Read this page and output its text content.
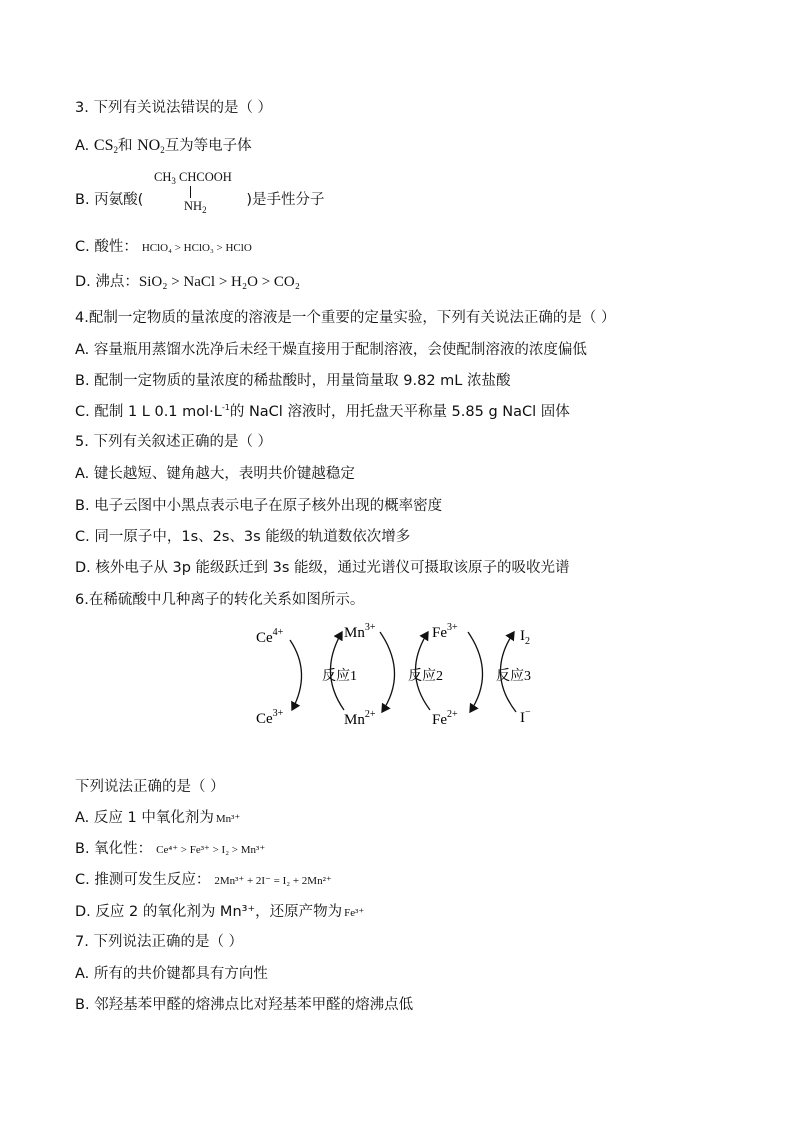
3. 下列有关说法错误的是（ ）
A. $CS_2$和 $NO_2$互为等电子体
B. 丙氨酸(	)是手性分子
$CH_3$ CHCOOH
$NH_2$
C. 酸性： HClO₄ > HClO₃ > HClO
D. 沸点：SiO₂ > NaCl > H₂O > CO₂
4.配制一定物质的量浓度的溶液是一个重要的定量实验，下列有关说法正确的是（ ）
A. 容量瓶用蒸馏水洗净后未经干燥直接用于配制溶液，会使配制溶液的浓度偏低
B. 配制一定物质的量浓度的稀盐酸时，用量筒量取 9.82 mL 浓盐酸
C. 配制 1 L 0.1 $mol\cdot L^{-1}$的 NaCl 溶液时，用托盘天平称量 5.85 g NaCl 固体
5. 下列有关叙述正确的是（ ）
A. 键长越短、键角越大，表明共价键越稳定
B. 电子云图中小黑点表示电子在原子核外出现的概率密度
C. 同一原子中，1s、2s、3s 能级的轨道数依次增多
D. 核外电子从 3p 能级跃迁到 3s 能级，通过光谱仪可摄取该原子的吸收光谱
6.在稀硫酸中几种离子的转化关系如图所示。
$Ce^{4+}$
$Ce^{3+}$
$Mn^{3+}$
$Mn^{2+}$
$Fe^{3+}$
$Fe^{2+}$
$I_2$
I−
反应1	反应2	反应3
下列说法正确的是（ ）
A. 反应 1 中氧化剂为 Mn³⁺
B. 氧化性： Ce⁴⁺ > Fe³⁺ > I₂ > Mn³⁺
C. 推测可发生反应： 2Mn³⁺ + 2I⁻ = I₂ + 2Mn²⁺
D. 反应 2 的氧化剂为 Mn³⁺，还原产物为 Fe³⁺
7. 下列说法正确的是（ ）
A. 所有的共价键都具有方向性
B. 邻羟基苯甲醛的熔沸点比对羟基苯甲醛的熔沸点低
